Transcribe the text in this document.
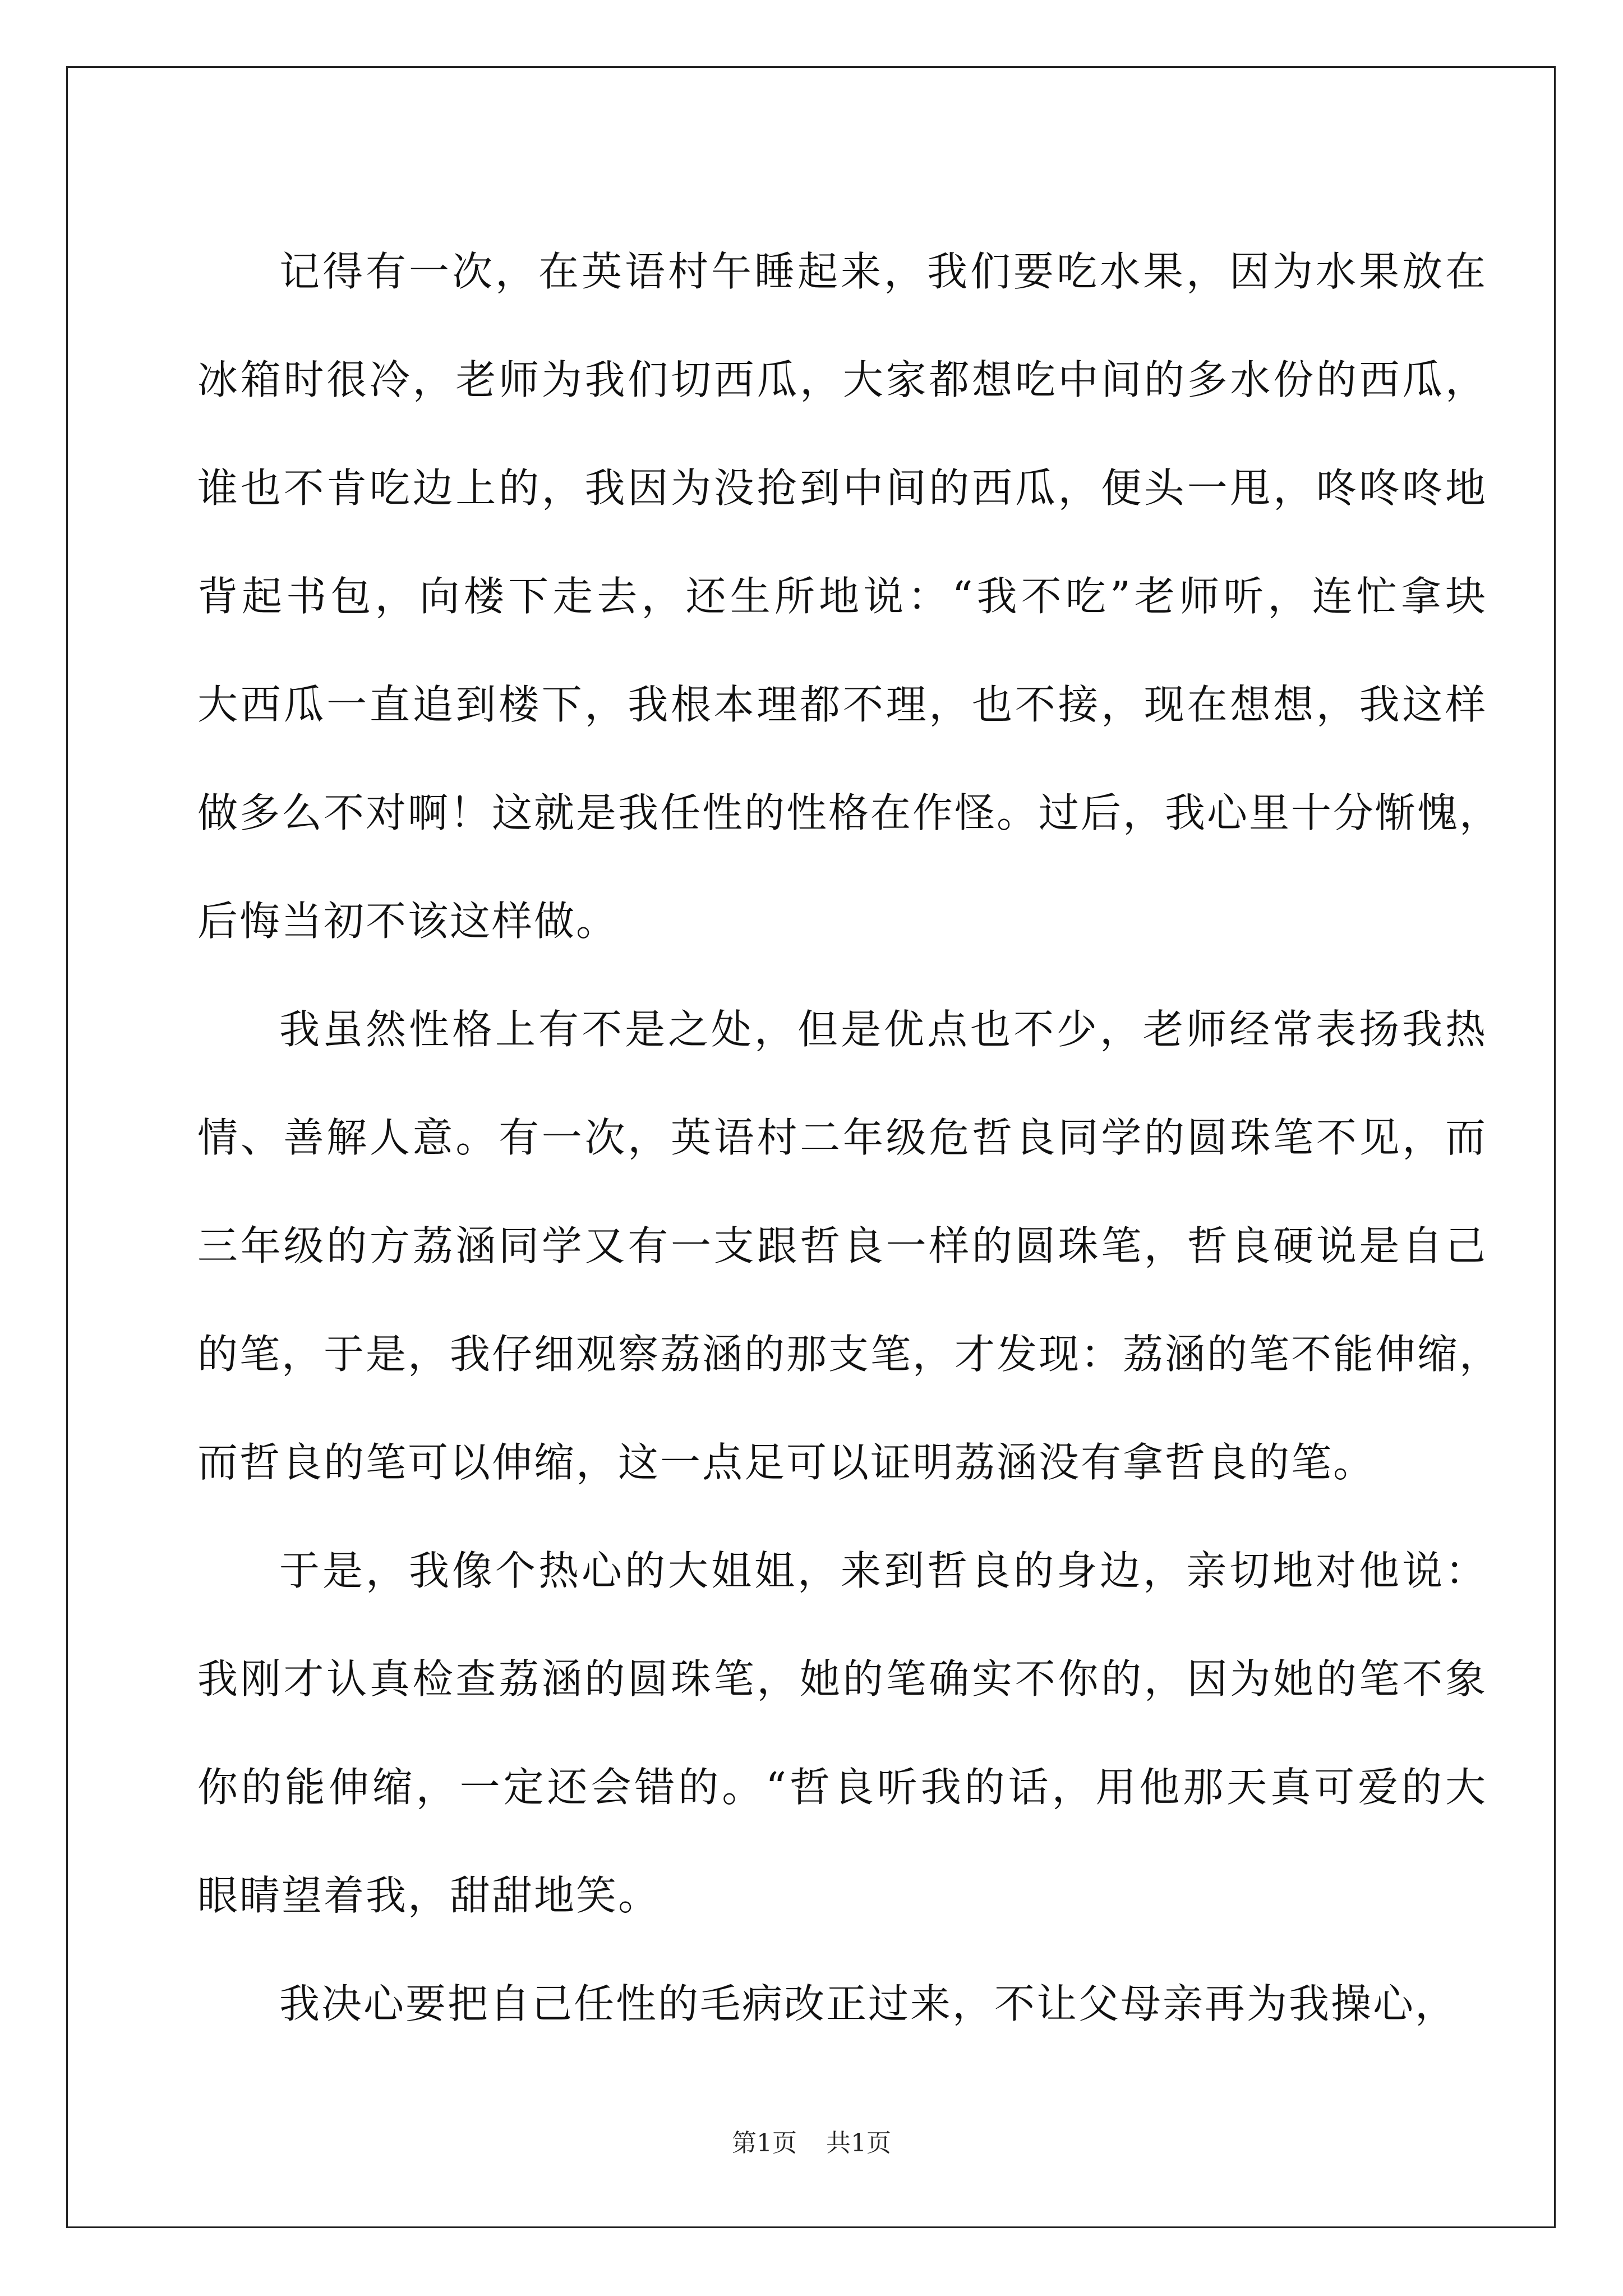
记得有一次，在英语村午睡起来，我们要吃水果，因为水果放在
冰箱时很冷，老师为我们切西瓜，大家都想吃中间的多水份的西瓜，
谁也不肯吃边上的，我因为没抢到中间的西瓜，便头一甩，咚咚咚地
背起书包，向楼下走去，还生所地说：“我不吃”老师听，连忙拿块
大西瓜一直追到楼下，我根本理都不理，也不接，现在想想，我这样
做多么不对啊！这就是我任性的性格在作怪。过后，我心里十分惭愧，
后悔当初不该这样做。
我虽然性格上有不是之处，但是优点也不少，老师经常表扬我热
情、善解人意。有一次，英语村二年级危哲良同学的圆珠笔不见，而
三年级的方荔涵同学又有一支跟哲良一样的圆珠笔，哲良硬说是自己
的笔，于是，我仔细观察荔涵的那支笔，才发现：荔涵的笔不能伸缩，
而哲良的笔可以伸缩，这一点足可以证明荔涵没有拿哲良的笔。
于是，我像个热心的大姐姐，来到哲良的身边，亲切地对他说：
我刚才认真检查荔涵的圆珠笔，她的笔确实不你的，因为她的笔不象
你的能伸缩，一定还会错的。“哲良听我的话，用他那天真可爱的大
眼睛望着我，甜甜地笑。
我决心要把自己任性的毛病改正过来，不让父母亲再为我操心，
第1页 共1页
